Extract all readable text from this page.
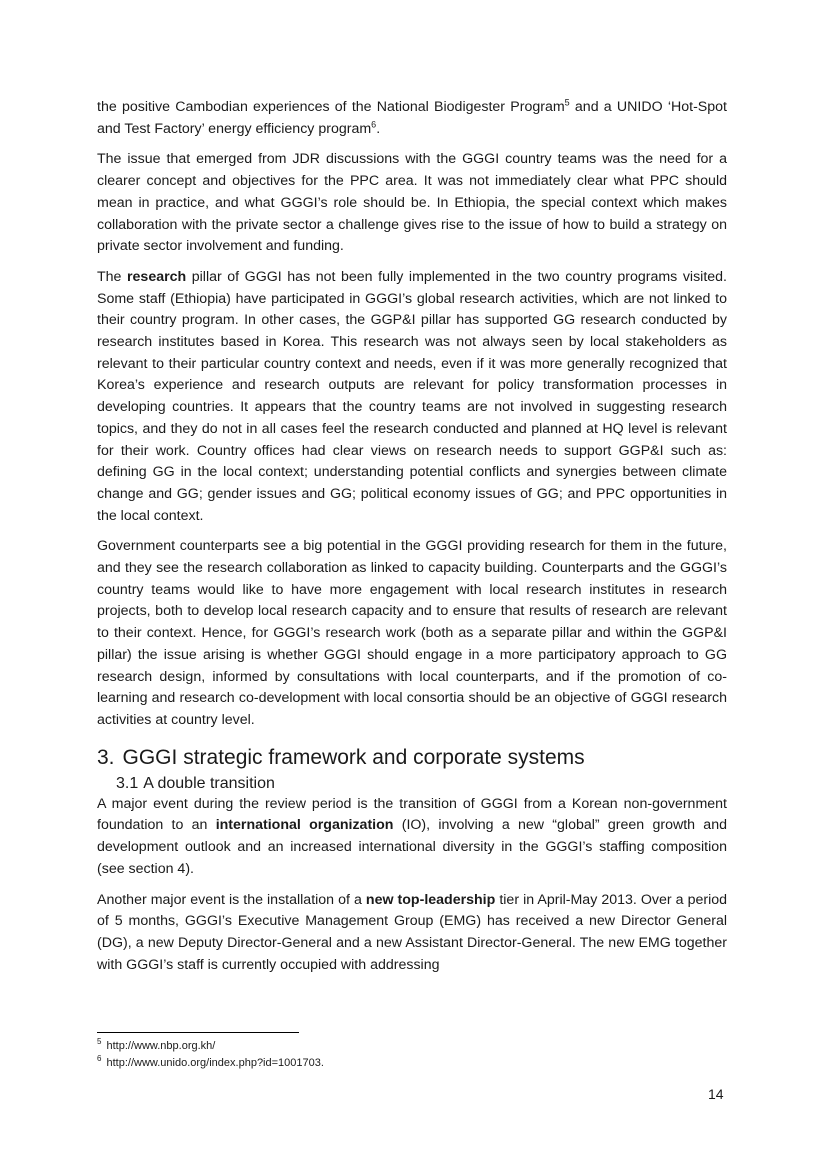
the positive Cambodian experiences of the National Biodigester Program$^5$ and a UNIDO ‘Hot-Spot and Test Factory’ energy efficiency program$^6$.

The issue that emerged from JDR discussions with the GGGI country teams was the need for a clearer concept and objectives for the PPC area. It was not immediately clear what PPC should mean in practice, and what GGGI’s role should be. In Ethiopia, the special context which makes collaboration with the private sector a challenge gives rise to the issue of how to build a strategy on private sector involvement and funding.

The research pillar of GGGI has not been fully implemented in the two country programs visited. Some staff (Ethiopia) have participated in GGGI’s global research activities, which are not linked to their country program. In other cases, the GGP&I pillar has supported GG research conducted by research institutes based in Korea. This research was not always seen by local stakeholders as relevant to their particular country context and needs, even if it was more generally recognized that Korea’s experience and research outputs are relevant for policy transformation processes in developing countries. It appears that the country teams are not involved in suggesting research topics, and they do not in all cases feel the research conducted and planned at HQ level is relevant for their work. Country offices had clear views on research needs to support GGP&I such as: defining GG in the local context; understanding potential conflicts and synergies between climate change and GG; gender issues and GG; political economy issues of GG; and PPC opportunities in the local context.

Government counterparts see a big potential in the GGGI providing research for them in the future, and they see the research collaboration as linked to capacity building. Counterparts and the GGGI’s country teams would like to have more engagement with local research institutes in research projects, both to develop local research capacity and to ensure that results of research are relevant to their context. Hence, for GGGI’s research work (both as a separate pillar and within the GGP&I pillar) the issue arising is whether GGGI should engage in a more participatory approach to GG research design, informed by consultations with local counterparts, and if the promotion of co-learning and research co-development with local consortia should be an objective of GGGI research activities at country level.

3. GGGI strategic framework and corporate systems
3.1 A double transition

A major event during the review period is the transition of GGGI from a Korean non-government foundation to an international organization (IO), involving a new “global” green growth and development outlook and an increased international diversity in the GGGI’s staffing composition (see section 4).

Another major event is the installation of a new top-leadership tier in April-May 2013. Over a period of 5 months, GGGI’s Executive Management Group (EMG) has received a new Director General (DG), a new Deputy Director-General and a new Assistant Director-General. The new EMG together with GGGI’s staff is currently occupied with addressing

$^5$ http://www.nbp.org.kh/
$^6$ http://www.unido.org/index.php?id=1001703.
14
